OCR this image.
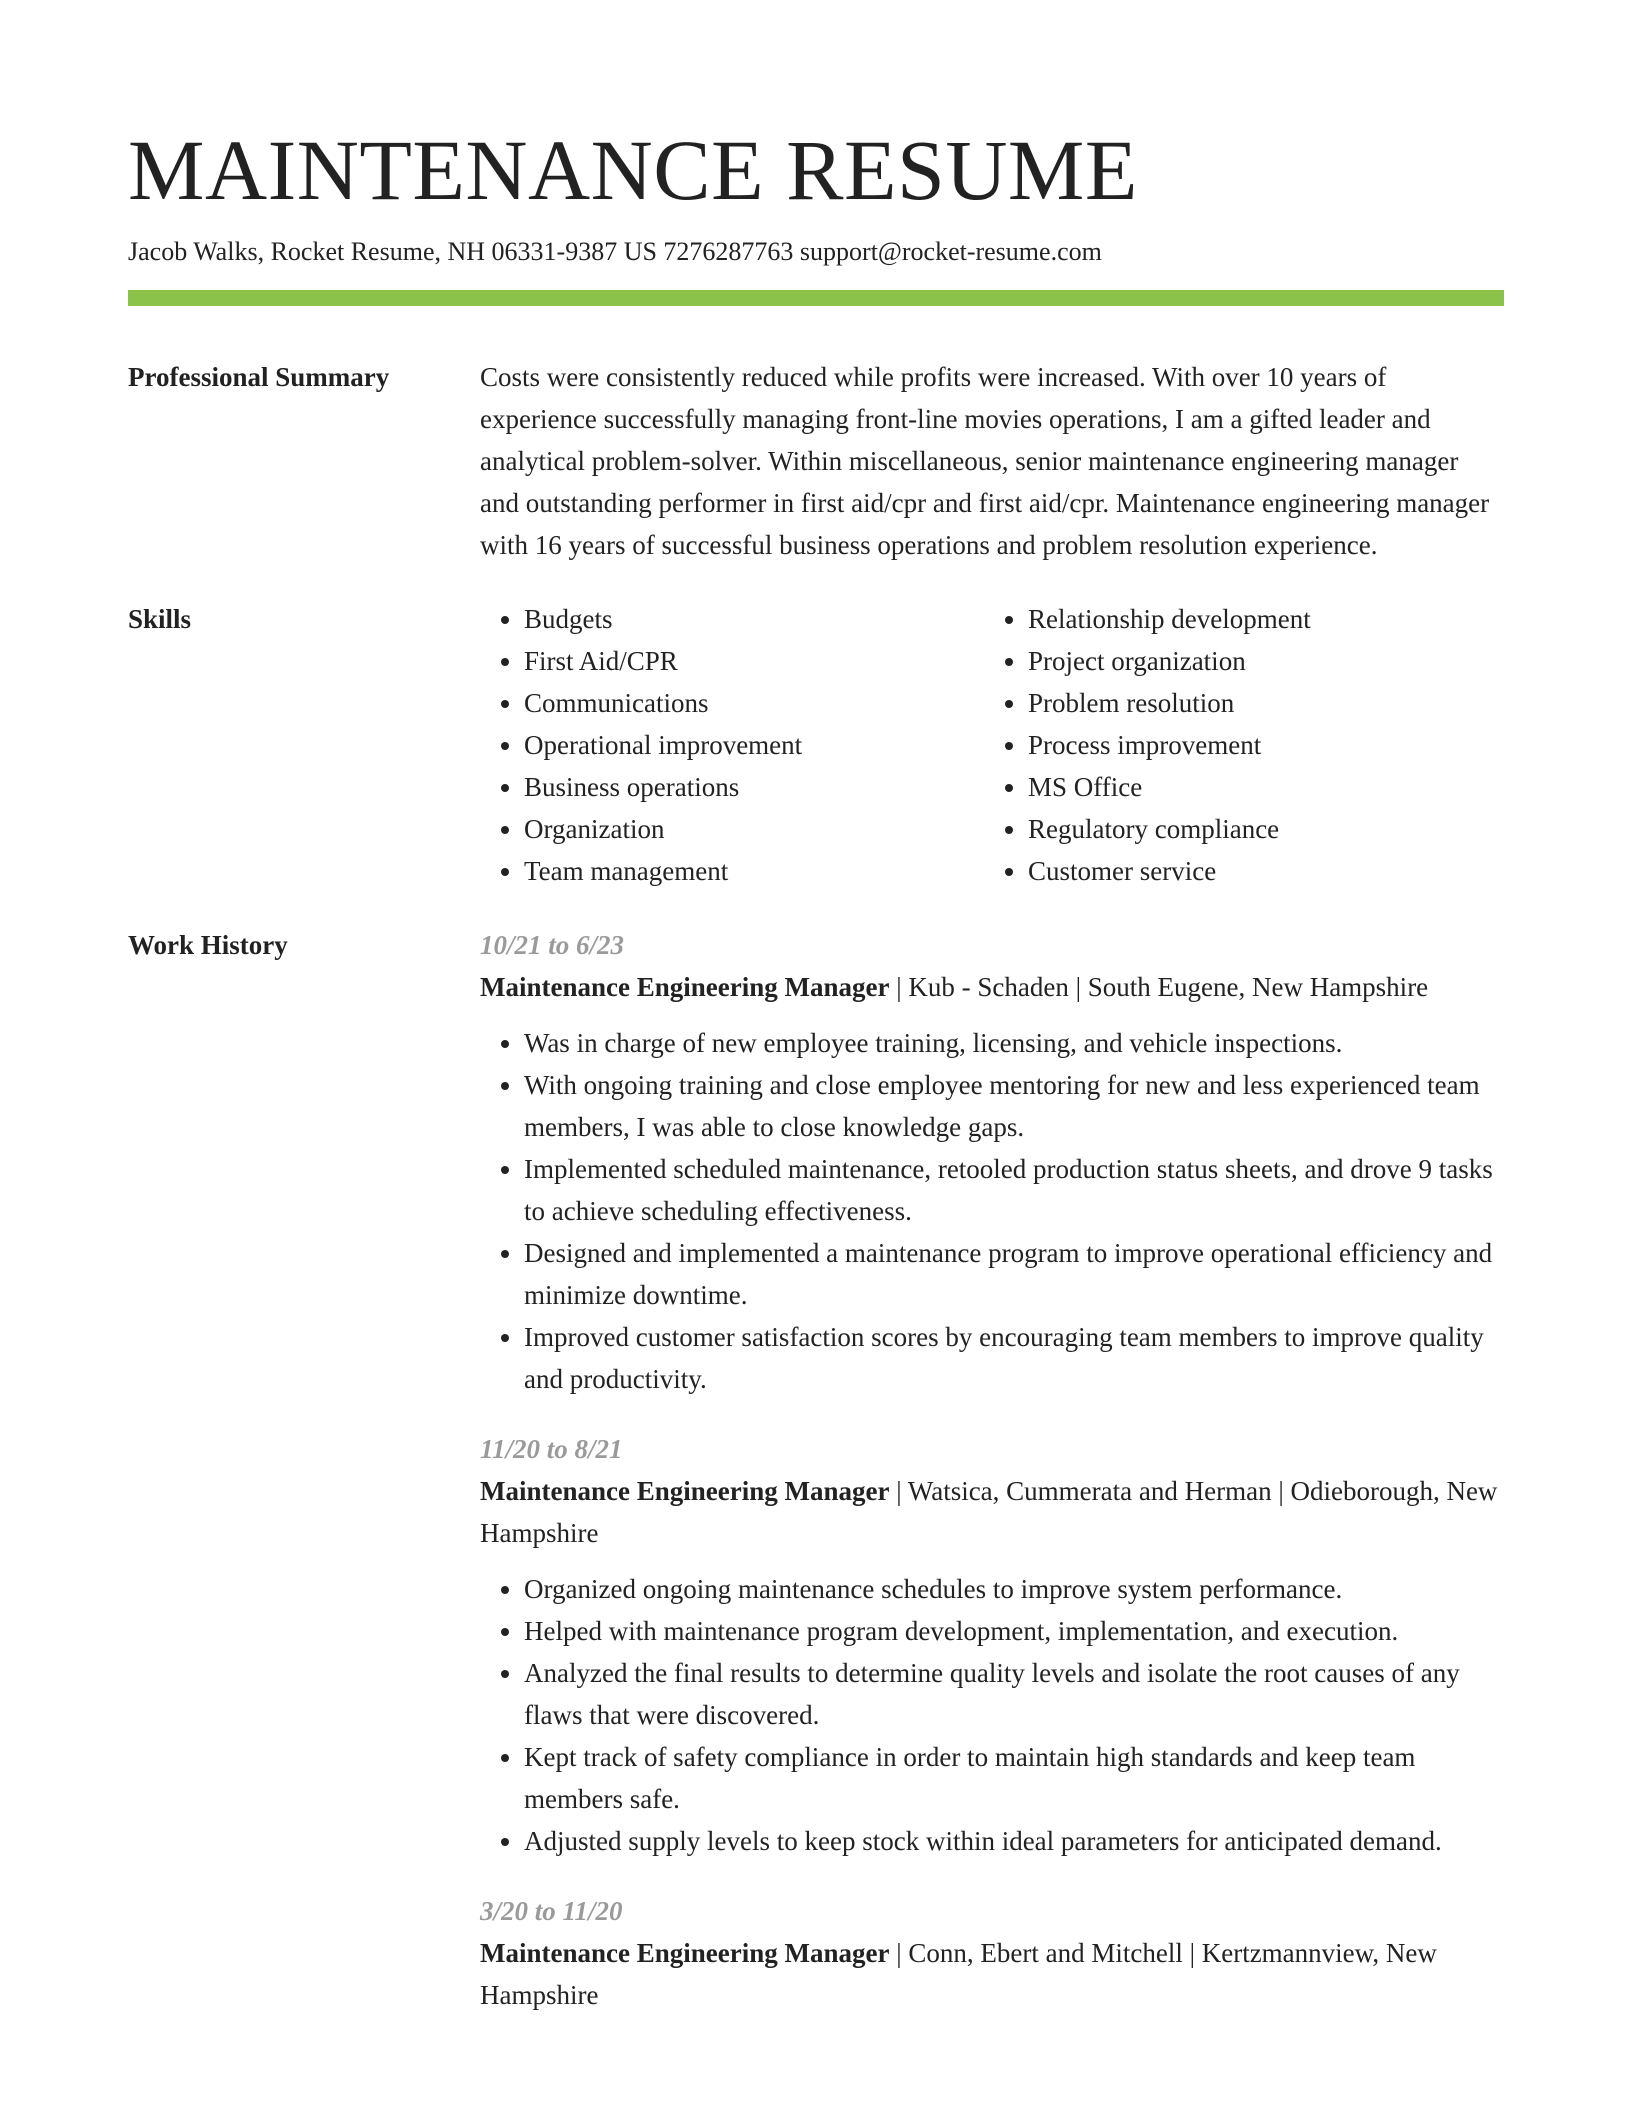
MAINTENANCE RESUME
Jacob Walks, Rocket Resume, NH 06331-9387 US 7276287763 support@rocket-resume.com
Professional Summary	Costs were consistently reduced while profits were increased. With over 10 years of experience successfully managing front-line movies operations, I am a gifted leader and analytical problem-solver. Within miscellaneous, senior maintenance engineering manager and outstanding performer in first aid/cpr and first aid/cpr. Maintenance engineering manager with 16 years of successful business operations and problem resolution experience.

Skills
•	Budgets
• First Aid/CPR
• Communications
• Operational improvement
• Business operations
• Organization
• Team management
• Relationship development
• Project organization
• Problem resolution
• Process improvement
• MS Office
• Regulatory compliance
• Customer service
Work History	10/21 to 6/23
Maintenance Engineering Manager | Kub - Schaden | South Eugene, New Hampshire
• Was in charge of new employee training, licensing, and vehicle inspections.
• With ongoing training and close employee mentoring for new and less experienced team members, I was able to close knowledge gaps.
• Implemented scheduled maintenance, retooled production status sheets, and drove 9 tasks to achieve scheduling effectiveness.
• Designed and implemented a maintenance program to improve operational efficiency and minimize downtime.
• Improved customer satisfaction scores by encouraging team members to improve quality and productivity.
11/20 to 8/21
Maintenance Engineering Manager | Watsica, Cummerata and Herman | Odieborough, New Hampshire
• Organized ongoing maintenance schedules to improve system performance.
• Helped with maintenance program development, implementation, and execution.
• Analyzed the final results to determine quality levels and isolate the root causes of any flaws that were discovered.
• Kept track of safety compliance in order to maintain high standards and keep team members safe.
• Adjusted supply levels to keep stock within ideal parameters for anticipated demand.
3/20 to 11/20
Maintenance Engineering Manager | Conn, Ebert and Mitchell | Kertzmannview, New Hampshire
